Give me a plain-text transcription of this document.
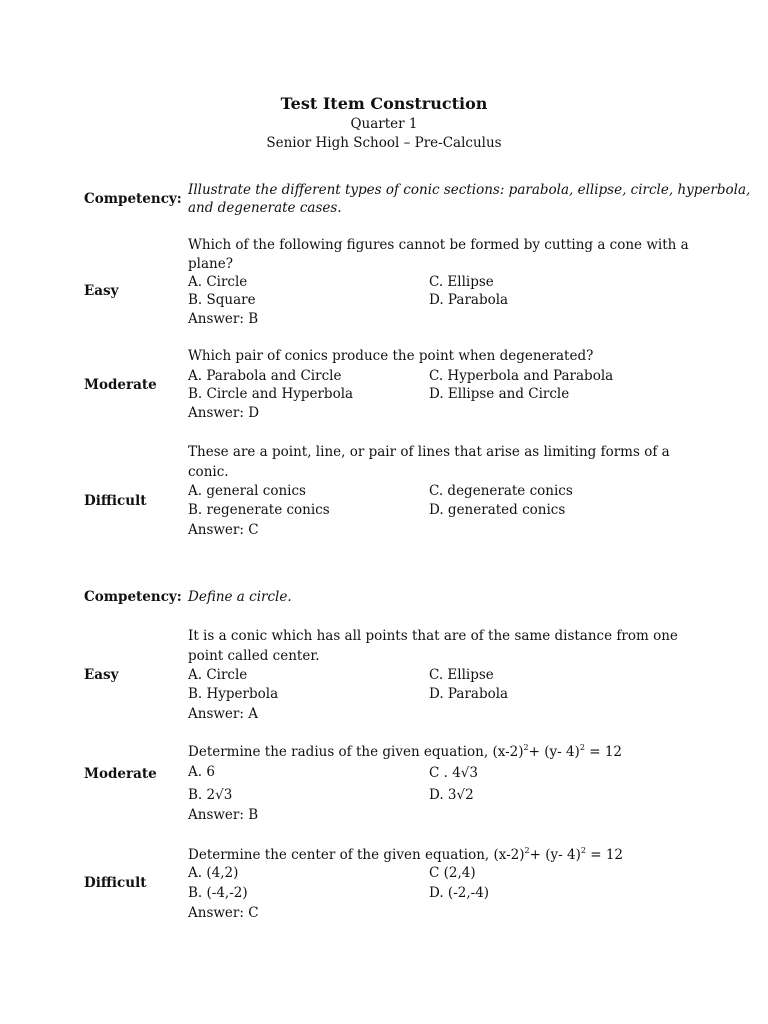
Test Item Construction
Quarter 1
Senior High School – Pre-Calculus
Competency:
Illustrate the different types of conic sections: parabola, ellipse, circle, hyperbola,
and degenerate cases.
Easy
Which of the following figures cannot be formed by cutting a cone with a
plane?
A. Circle	C. Ellipse
B. Square	D. Parabola
Answer: B
Moderate
Which pair of conics produce the point when degenerated?
A. Parabola and Circle	C. Hyperbola and Parabola
B. Circle and Hyperbola	D. Ellipse and Circle
Answer: D
Difficult
These are a point, line, or pair of lines that arise as limiting forms of a
conic.
A. general conics	C. degenerate conics
B. regenerate conics	D. generated conics
Answer: C
Competency: Define a circle.
Easy
It is a conic which has all points that are of the same distance from one
point called center.
A. Circle	C. Ellipse
B. Hyperbola	D. Parabola
Answer: A
Moderate
Determine the radius of the given equation, $(x-2)^2+ (y-$ 4)$^2$ = 12
A. 6	C . 4√3
B. 2√3	D. 3√2
Answer: B
Difficult
Determine the center of the given equation, $(x-2)^2+ (y-$ 4)$^2$ = 12
A. (4,2)	C (2,4)
B. (-4,-2)	D. (-2,-4)
Answer: C
